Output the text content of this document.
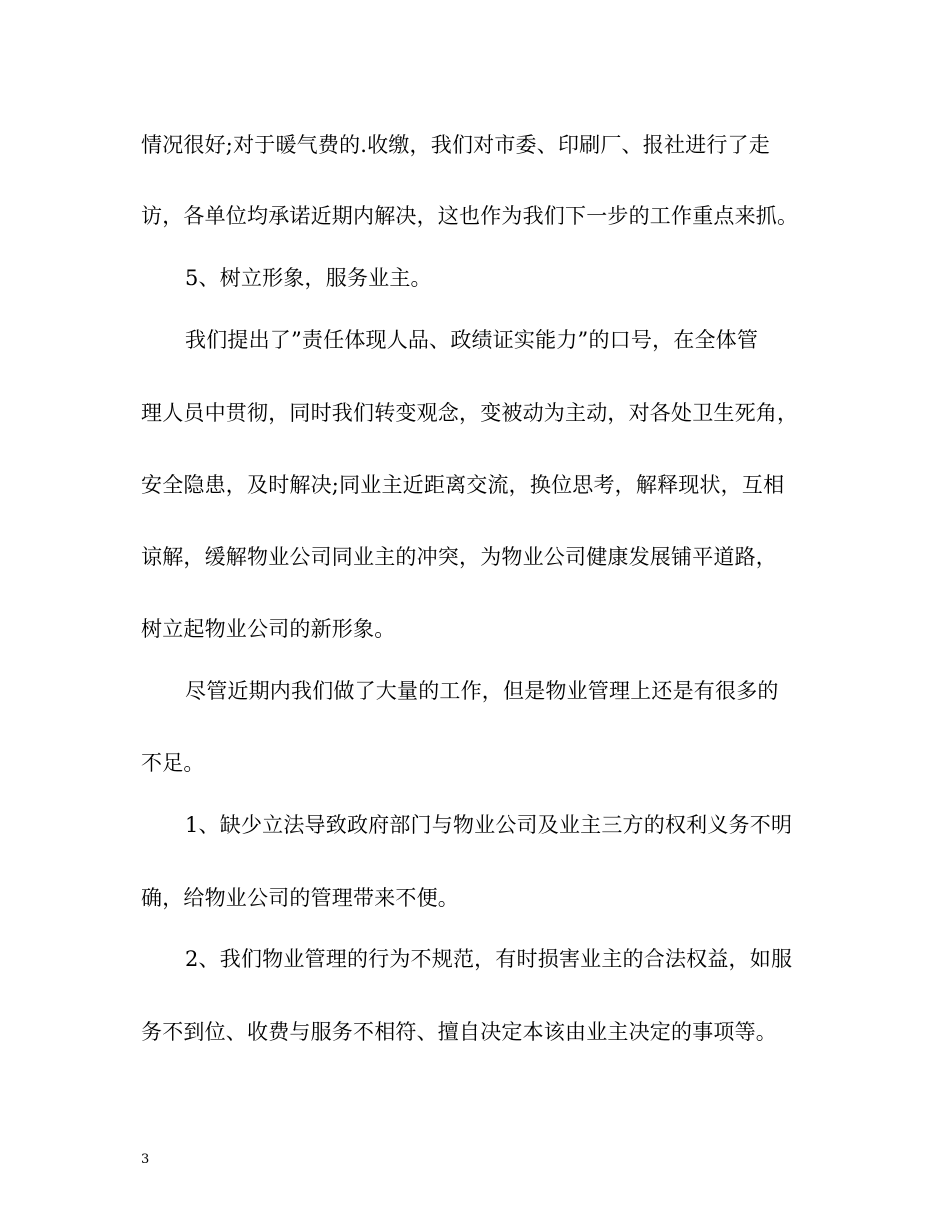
情况很好;对于暖气费的.收缴，我们对市委、印刷厂、报社进行了走
访，各单位均承诺近期内解决，这也作为我们下一步的工作重点来抓。
5、树立形象，服务业主。
我们提出了”责任体现人品、政绩证实能力”的口号，在全体管
理人员中贯彻，同时我们转变观念，变被动为主动，对各处卫生死角，
安全隐患，及时解决;同业主近距离交流，换位思考，解释现状，互相
谅解，缓解物业公司同业主的冲突，为物业公司健康发展铺平道路，
树立起物业公司的新形象。
尽管近期内我们做了大量的工作，但是物业管理上还是有很多的
不足。
1、缺少立法导致政府部门与物业公司及业主三方的权利义务不明
确，给物业公司的管理带来不便。
2、我们物业管理的行为不规范，有时损害业主的合法权益，如服
务不到位、收费与服务不相符、擅自决定本该由业主决定的事项等。
3
